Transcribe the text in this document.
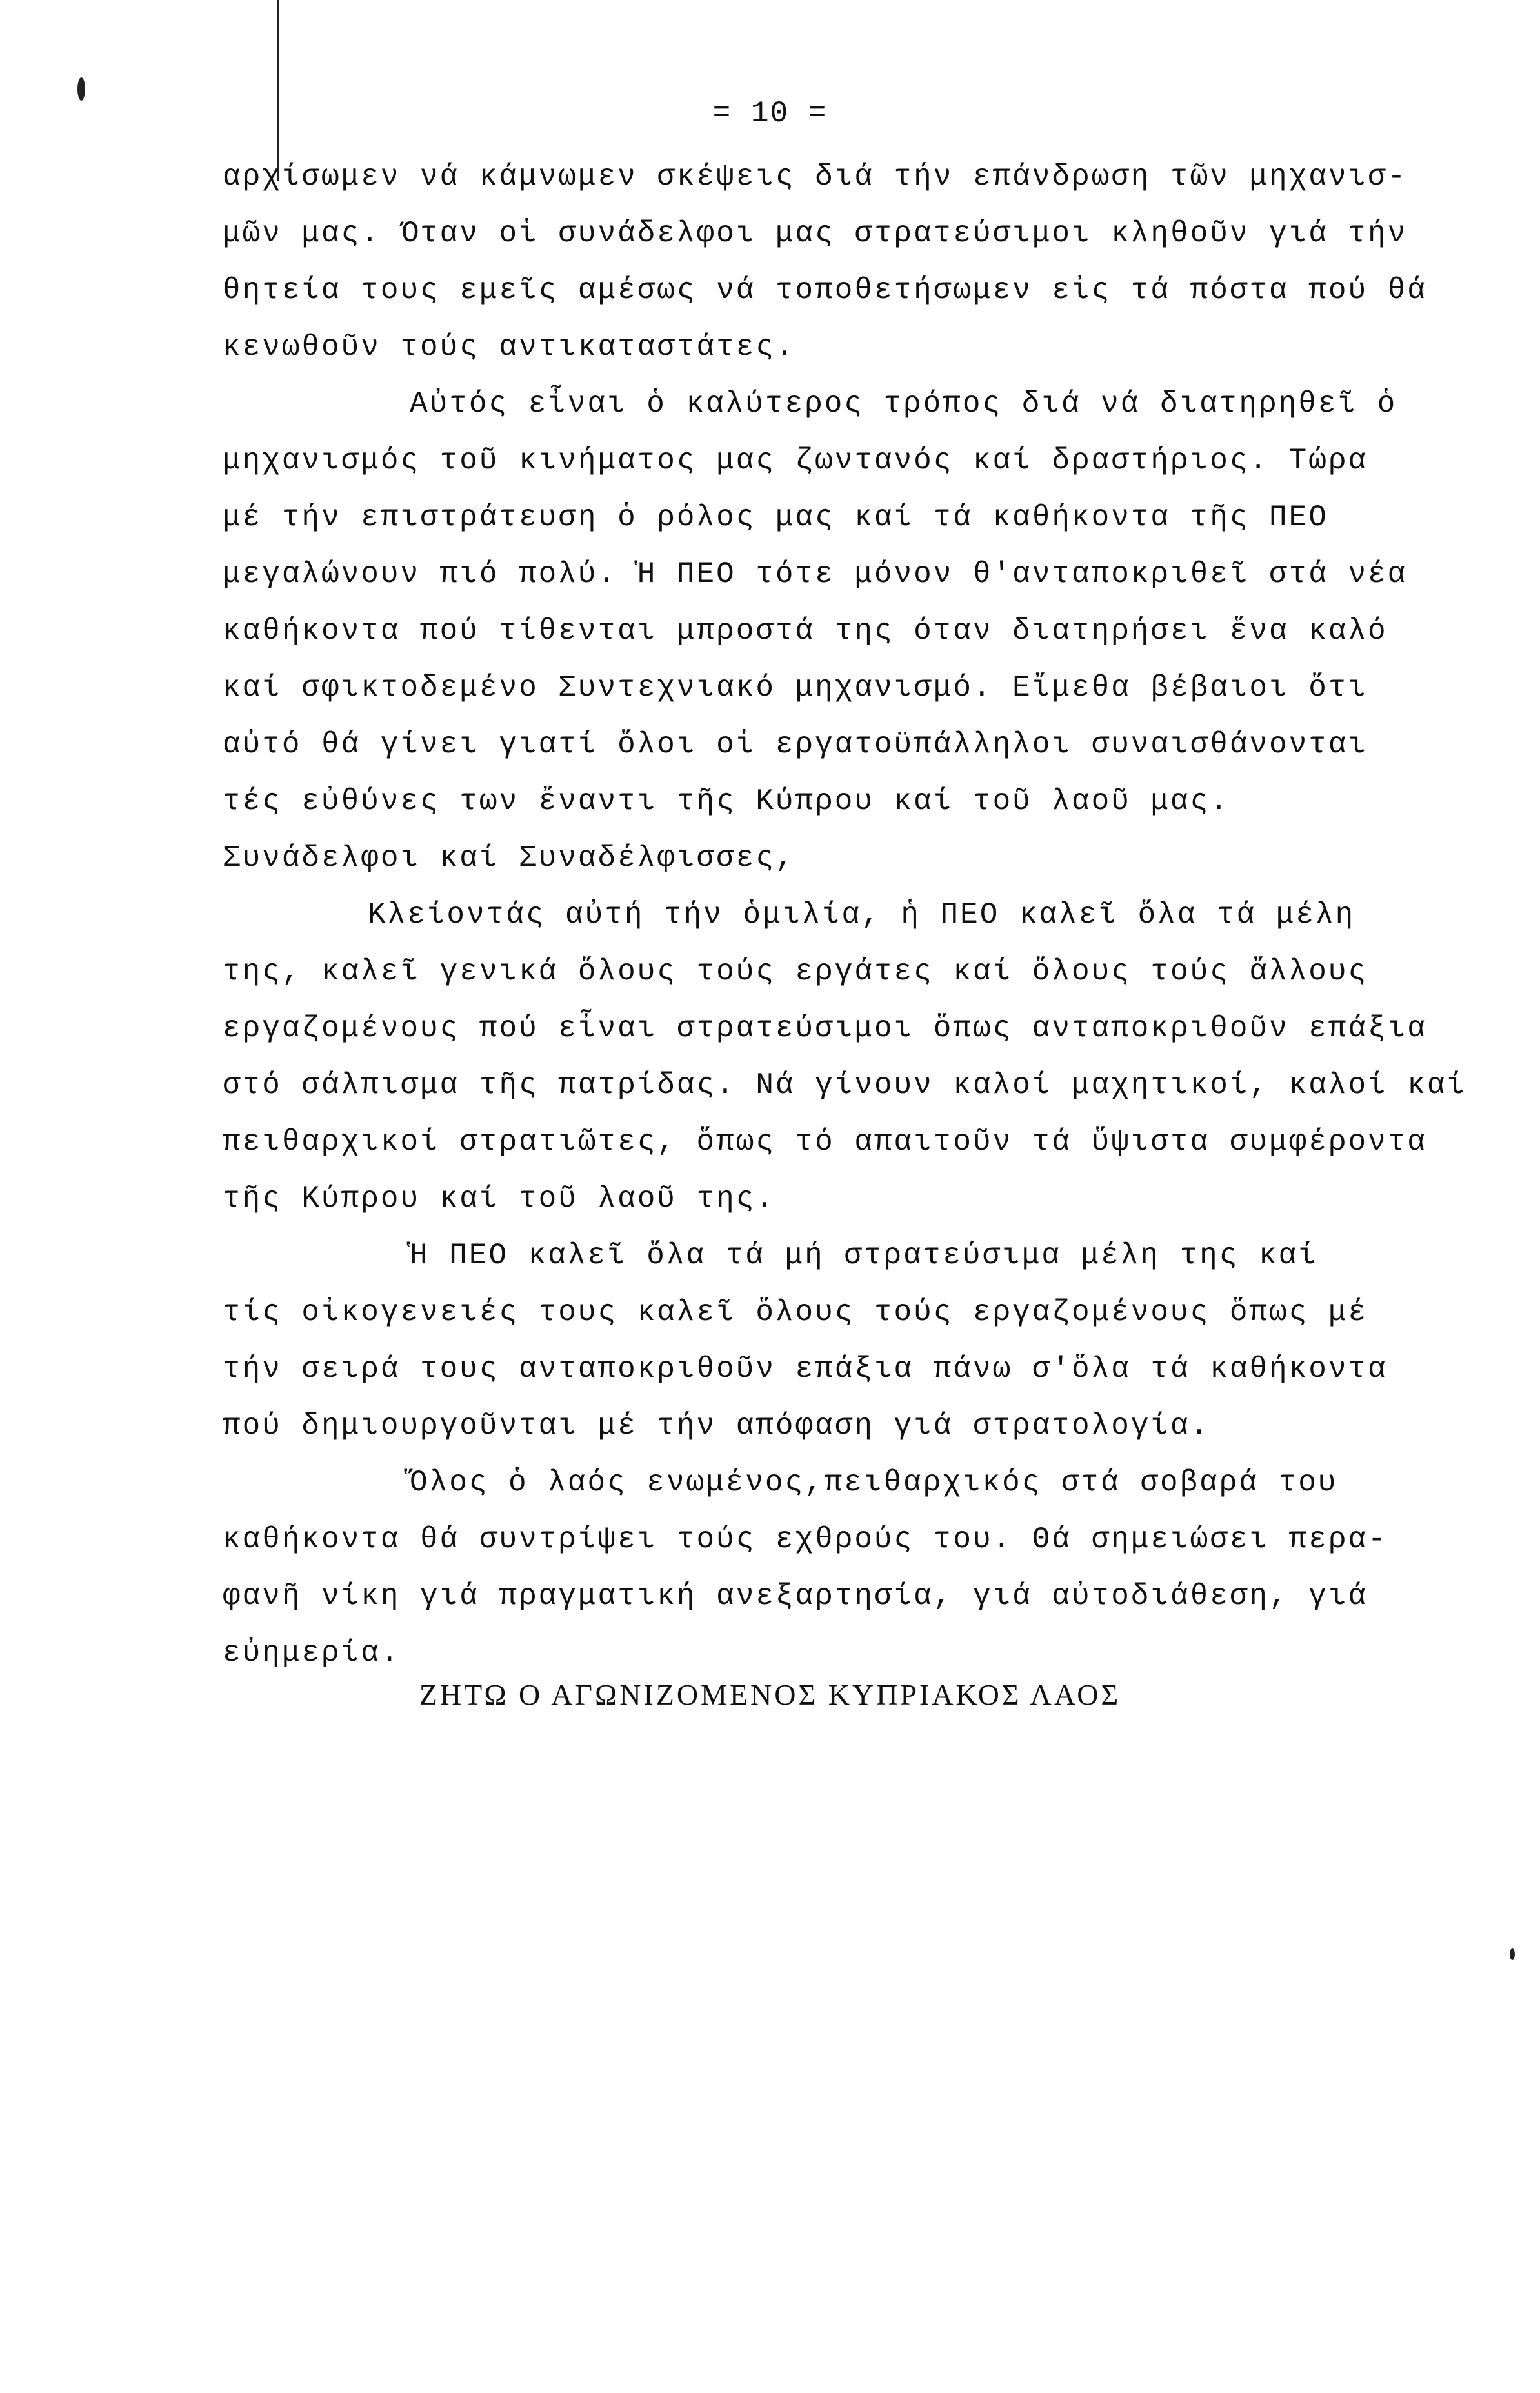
= 10 =
αρχίσωμεν νά κάμνωμεν σκέψεις διά τήν επάνδρωση τῶν μηχανισ-
μῶν μας. Όταν οἱ συνάδελφοι μας στρατεύσιμοι κληθοῦν γιά τήν
θητεία τους εμεῖς αμέσως νά τοποθετήσωμεν εἰς τά πόστα πού θά
κενωθοῦν τούς αντικαταστάτες.
Αὐτός εἶναι ὁ καλύτερος τρόπος διά νά διατηρηθεῖ ὁ
μηχανισμός τοῦ κινήματος μας ζωντανός καί δραστήριος. Τώρα
μέ τήν επιστράτευση ὁ ρόλος μας καί τά καθήκοντα τῆς ΠΕΟ
μεγαλώνουν πιό πολύ. Ἡ ΠΕΟ τότε μόνον θ'ανταποκριθεῖ στά νέα
καθήκοντα πού τίθενται μπροστά της όταν διατηρήσει ἕνα καλό
καί σφικτοδεμένο Συντεχνιακό μηχανισμό. Εἴμεθα βέβαιοι ὅτι
αὐτό θά γίνει γιατί ὅλοι οἱ εργατοϋπάλληλοι συναισθάνονται
τές εὐθύνες των ἔναντι τῆς Κύπρου καί τοῦ λαοῦ μας.
Συνάδελφοι καί Συναδέλφισσες,
Κλείοντάς αὐτή τήν ὁμιλία, ἡ ΠΕΟ καλεῖ ὅλα τά μέλη
της, καλεῖ γενικά ὅλους τούς εργάτες καί ὅλους τούς ἄλλους
εργαζομένους πού εἶναι στρατεύσιμοι ὅπως ανταποκριθοῦν επάξια
στό σάλπισμα τῆς πατρίδας. Νά γίνουν καλοί μαχητικοί, καλοί καί
πειθαρχικοί στρατιῶτες, ὅπως τό απαιτοῦν τά ὕψιστα συμφέροντα
τῆς Κύπρου καί τοῦ λαοῦ της.
Ἡ ΠΕΟ καλεῖ ὅλα τά μή στρατεύσιμα μέλη της καί
τίς οἰκογενειές τους καλεῖ ὅλους τούς εργαζομένους ὅπως μέ
τήν σειρά τους ανταποκριθοῦν επάξια πάνω σ'ὅλα τά καθήκοντα
πού δημιουργοῦνται μέ τήν απόφαση γιά στρατολογία.
Ὅλος ὁ λαός ενωμένος,πειθαρχικός στά σοβαρά του
καθήκοντα θά συντρίψει τούς εχθρούς του. Θά σημειώσει περα-
φανῆ νίκη γιά πραγματική ανεξαρτησία, γιά αὐτοδιάθεση, γιά
εὐημερία.
ΖΗΤΩ Ο ΑΓΩΝΙΖΟΜΕΝΟΣ ΚΥΠΡΙΑΚΟΣ ΛΑΟΣ
